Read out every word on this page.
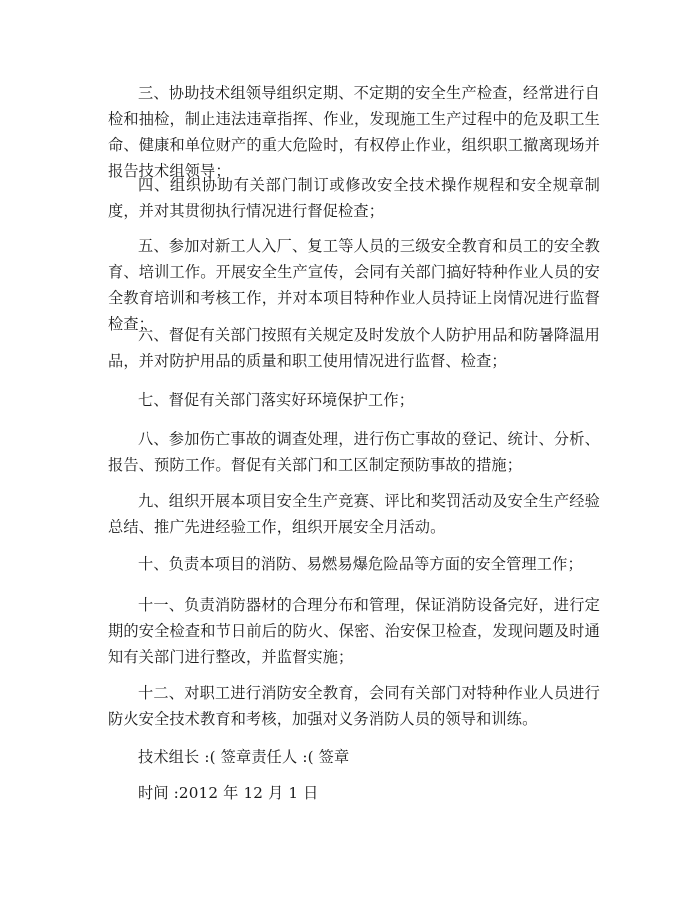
三、协助技术组领导组织定期、不定期的安全生产检查，经常进行自检和抽检，制止违法违章指挥、作业，发现施工生产过程中的危及职工生命、健康和单位财产的重大危险时，有权停止作业，组织职工撤离现场并报告技术组领导；

四、组织协助有关部门制订或修改安全技术操作规程和安全规章制度，并对其贯彻执行情况进行督促检查；

五、参加对新工人入厂、复工等人员的三级安全教育和员工的安全教育、培训工作。开展安全生产宣传，会同有关部门搞好特种作业人员的安全教育培训和考核工作，并对本项目特种作业人员持证上岗情况进行监督检查；

六、督促有关部门按照有关规定及时发放个人防护用品和防暑降温用品，并对防护用品的质量和职工使用情况进行监督、检查；

七、督促有关部门落实好环境保护工作；

八、参加伤亡事故的调查处理，进行伤亡事故的登记、统计、分析、报告、预防工作。督促有关部门和工区制定预防事故的措施；

九、组织开展本项目安全生产竞赛、评比和奖罚活动及安全生产经验总结、推广先进经验工作，组织开展安全月活动。

十、负责本项目的消防、易燃易爆危险品等方面的安全管理工作；

十一、负责消防器材的合理分布和管理，保证消防设备完好，进行定期的安全检查和节日前后的防火、保密、治安保卫检查，发现问题及时通知有关部门进行整改，并监督实施；

十二、对职工进行消防安全教育，会同有关部门对特种作业人员进行防火安全技术教育和考核，加强对义务消防人员的领导和训练。

技术组长 :( 签章责任人 :( 签章

时间 :2012 年 12 月 1 日
